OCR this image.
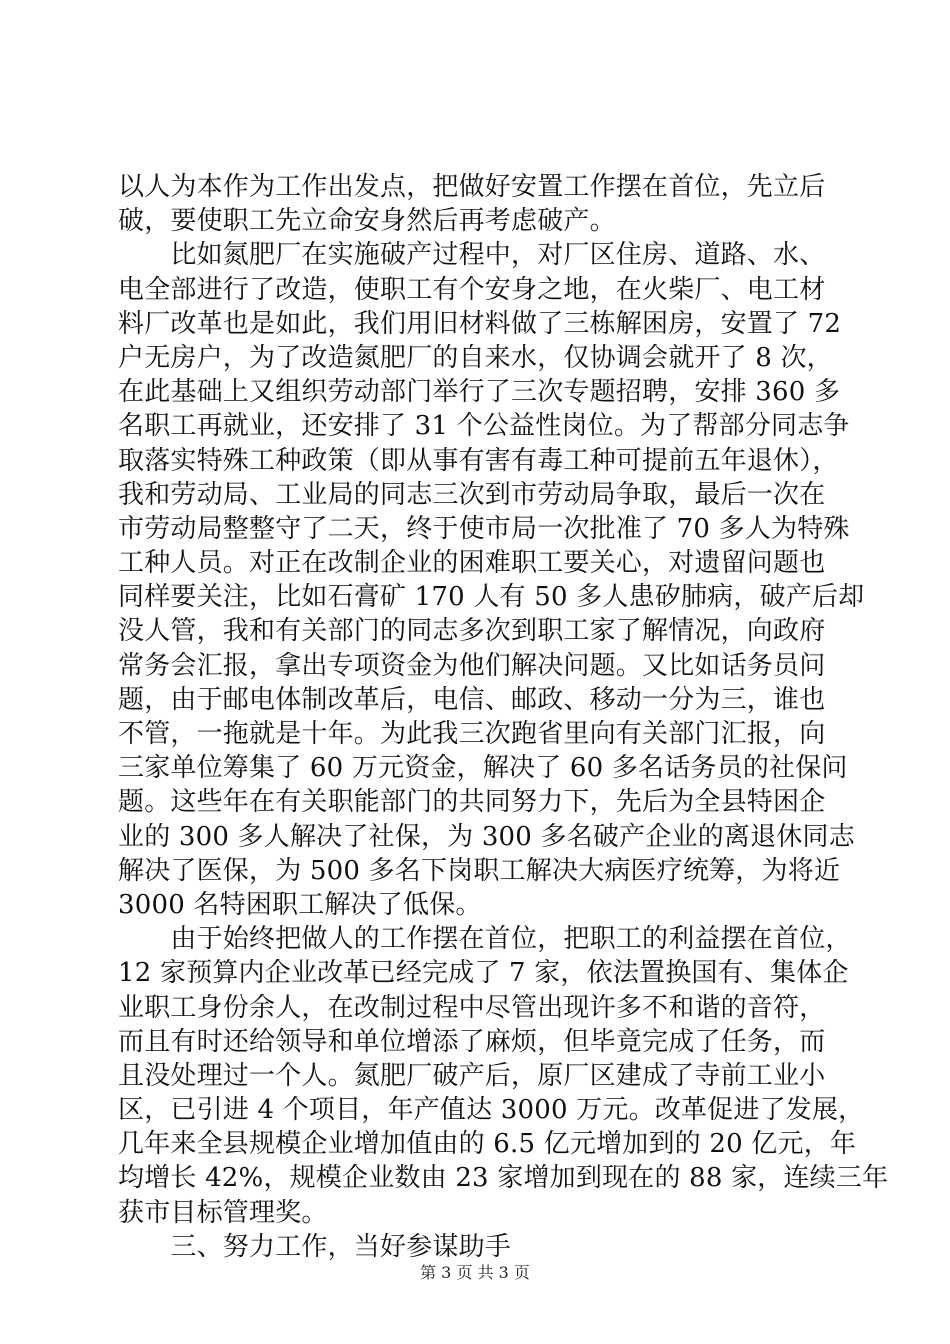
以人为本作为工作出发点，把做好安置工作摆在首位，先立后
破，要使职工先立命安身然后再考虑破产。
　　比如氮肥厂在实施破产过程中，对厂区住房、道路、水、
电全部进行了改造，使职工有个安身之地，在火柴厂、电工材
料厂改革也是如此，我们用旧材料做了三栋解困房，安置了 72
户无房户，为了改造氮肥厂的自来水，仅协调会就开了 8 次，
在此基础上又组织劳动部门举行了三次专题招聘，安排 360 多
名职工再就业，还安排了 31 个公益性岗位。为了帮部分同志争
取落实特殊工种政策（即从事有害有毒工种可提前五年退休），
我和劳动局、工业局的同志三次到市劳动局争取，最后一次在
市劳动局整整守了二天，终于使市局一次批准了 70 多人为特殊
工种人员。对正在改制企业的困难职工要关心，对遗留问题也
同样要关注，比如石膏矿 170 人有 50 多人患矽肺病，破产后却
没人管，我和有关部门的同志多次到职工家了解情况，向政府
常务会汇报，拿出专项资金为他们解决问题。又比如话务员问
题，由于邮电体制改革后，电信、邮政、移动一分为三，谁也
不管，一拖就是十年。为此我三次跑省里向有关部门汇报，向
三家单位筹集了 60 万元资金，解决了 60 多名话务员的社保问
题。这些年在有关职能部门的共同努力下，先后为全县特困企
业的 300 多人解决了社保，为 300 多名破产企业的离退休同志
解决了医保，为 500 多名下岗职工解决大病医疗统筹，为将近
3000 名特困职工解决了低保。
　　由于始终把做人的工作摆在首位，把职工的利益摆在首位，
12 家预算内企业改革已经完成了 7 家，依法置换国有、集体企
业职工身份余人，在改制过程中尽管出现许多不和谐的音符，
而且有时还给领导和单位增添了麻烦，但毕竟完成了任务，而
且没处理过一个人。氮肥厂破产后，原厂区建成了寺前工业小
区，已引进 4 个项目，年产值达 3000 万元。改革促进了发展，
几年来全县规模企业增加值由的 6.5 亿元增加到的 20 亿元，年
均增长 42%，规模企业数由 23 家增加到现在的 88 家，连续三年
获市目标管理奖。
　　三、努力工作，当好参谋助手
第 3 页 共 3 页
